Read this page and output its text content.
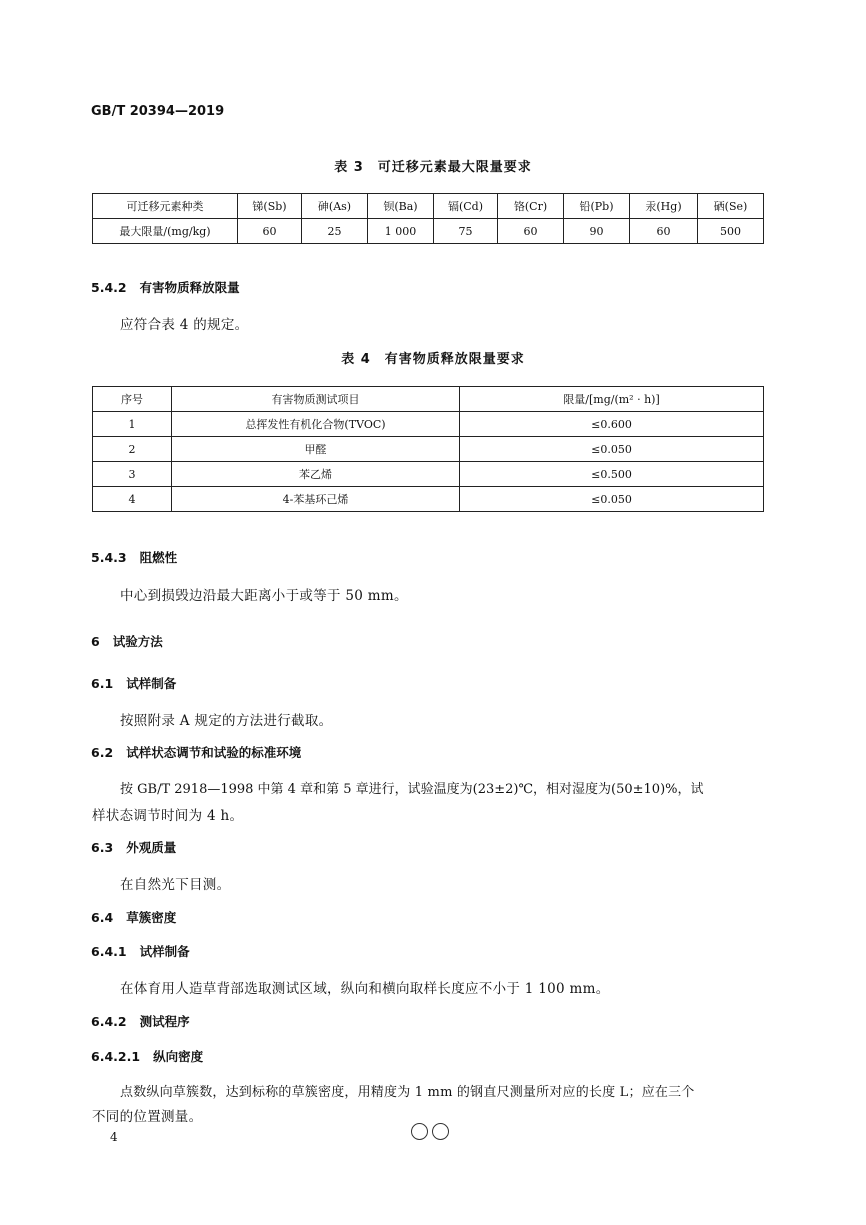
GB/T 20394—2019
表 3　可迁移元素最大限量要求
可迁移元素种类	锑(Sb)	砷(As)	钡(Ba)	镉(Cd)	铬(Cr)	铅(Pb)	汞(Hg)	硒(Se)
最大限量/(mg/kg)	60	25	1 000	75	60	90	60	500
5.4.2 有害物质释放限量
应符合表 4 的规定。
表 4　有害物质释放限量要求
序号	有害物质测试项目	限量/[mg/(m² · h)]
1	总挥发性有机化合物(TVOC)	≤0.600
2	甲醛	≤0.050
3	苯乙烯	≤0.500
4	4-苯基环己烯	≤0.050
5.4.3 阻燃性
中心到损毁边沿最大距离小于或等于 50 mm。
6 试验方法
6.1 试样制备
按照附录 A 规定的方法进行截取。
6.2 试样状态调节和试验的标准环境
按 GB/T 2918—1998 中第 4 章和第 5 章进行，试验温度为(23±2)℃，相对湿度为(50±10)%，试
样状态调节时间为 4 h。
6.3 外观质量
在自然光下目测。
6.4 草簇密度
6.4.1 试样制备
在体育用人造草背部选取测试区域，纵向和横向取样长度应不小于 1 100 mm。
6.4.2 测试程序
6.4.2.1 纵向密度
点数纵向草簇数，达到标称的草簇密度，用精度为 1 mm 的钢直尺测量所对应的长度 L；应在三个
不同的位置测量。
4
